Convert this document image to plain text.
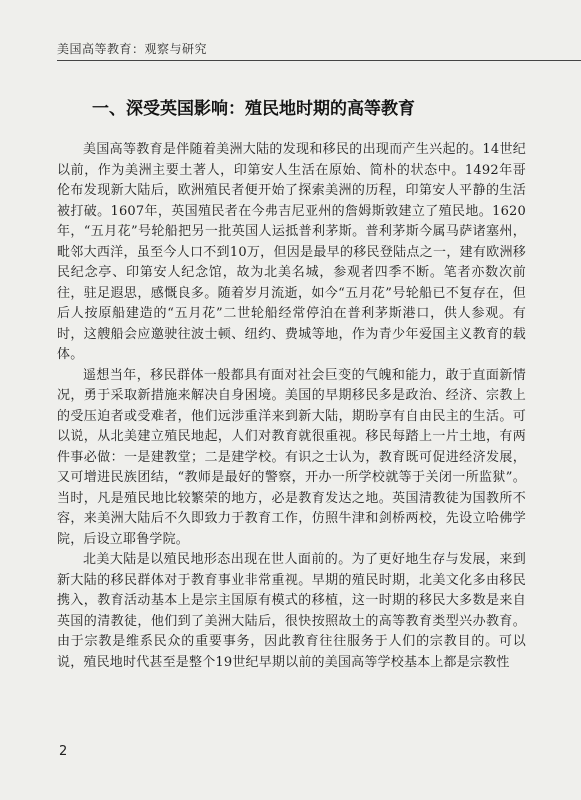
美国高等教育：观察与研究
一、深受英国影响：殖民地时期的高等教育

美国高等教育是伴随着美洲大陆的发现和移民的出现而产生兴起的。14世纪以前，作为美洲主要土著人，印第安人生活在原始、简朴的状态中。1492年哥伦布发现新大陆后，欧洲殖民者便开始了探索美洲的历程，印第安人平静的生活被打破。1607年，英国殖民者在今弗吉尼亚州的詹姆斯敦建立了殖民地。1620年，“五月花”号轮船把另一批英国人运抵普利茅斯。普利茅斯今属马萨诸塞州，毗邻大西洋，虽至今人口不到10万，但因是最早的移民登陆点之一，建有欧洲移民纪念亭、印第安人纪念馆，故为北美名城，参观者四季不断。笔者亦数次前往，驻足遐思，感慨良多。随着岁月流逝，如今“五月花”号轮船已不复存在，但后人按原船建造的“五月花”二世轮船经常停泊在普利茅斯港口，供人参观。有时，这艘船会应邀驶往波士顿、纽约、费城等地，作为青少年爱国主义教育的载体。

遥想当年，移民群体一般都具有面对社会巨变的气魄和能力，敢于直面新情况，勇于采取新措施来解决自身困境。美国的早期移民多是政治、经济、宗教上的受压迫者或受难者，他们远涉重洋来到新大陆，期盼享有自由民主的生活。可以说，从北美建立殖民地起，人们对教育就很重视。移民每踏上一片土地，有两件事必做：一是建教堂；二是建学校。有识之士认为，教育既可促进经济发展，又可增进民族团结，“教师是最好的警察，开办一所学校就等于关闭一所监狱”。当时，凡是殖民地比较繁荣的地方，必是教育发达之地。英国清教徒为国教所不容，来美洲大陆后不久即致力于教育工作，仿照牛津和剑桥两校，先设立哈佛学院，后设立耶鲁学院。

北美大陆是以殖民地形态出现在世人面前的。为了更好地生存与发展，来到新大陆的移民群体对于教育事业非常重视。早期的殖民时期，北美文化多由移民携入，教育活动基本上是宗主国原有模式的移植，这一时期的移民大多数是来自英国的清教徒，他们到了美洲大陆后，很快按照故土的高等教育类型兴办教育。由于宗教是维系民众的重要事务，因此教育往往服务于人们的宗教目的。可以说，殖民地时代甚至是整个19世纪早期以前的美国高等学校基本上都是宗教性

2
